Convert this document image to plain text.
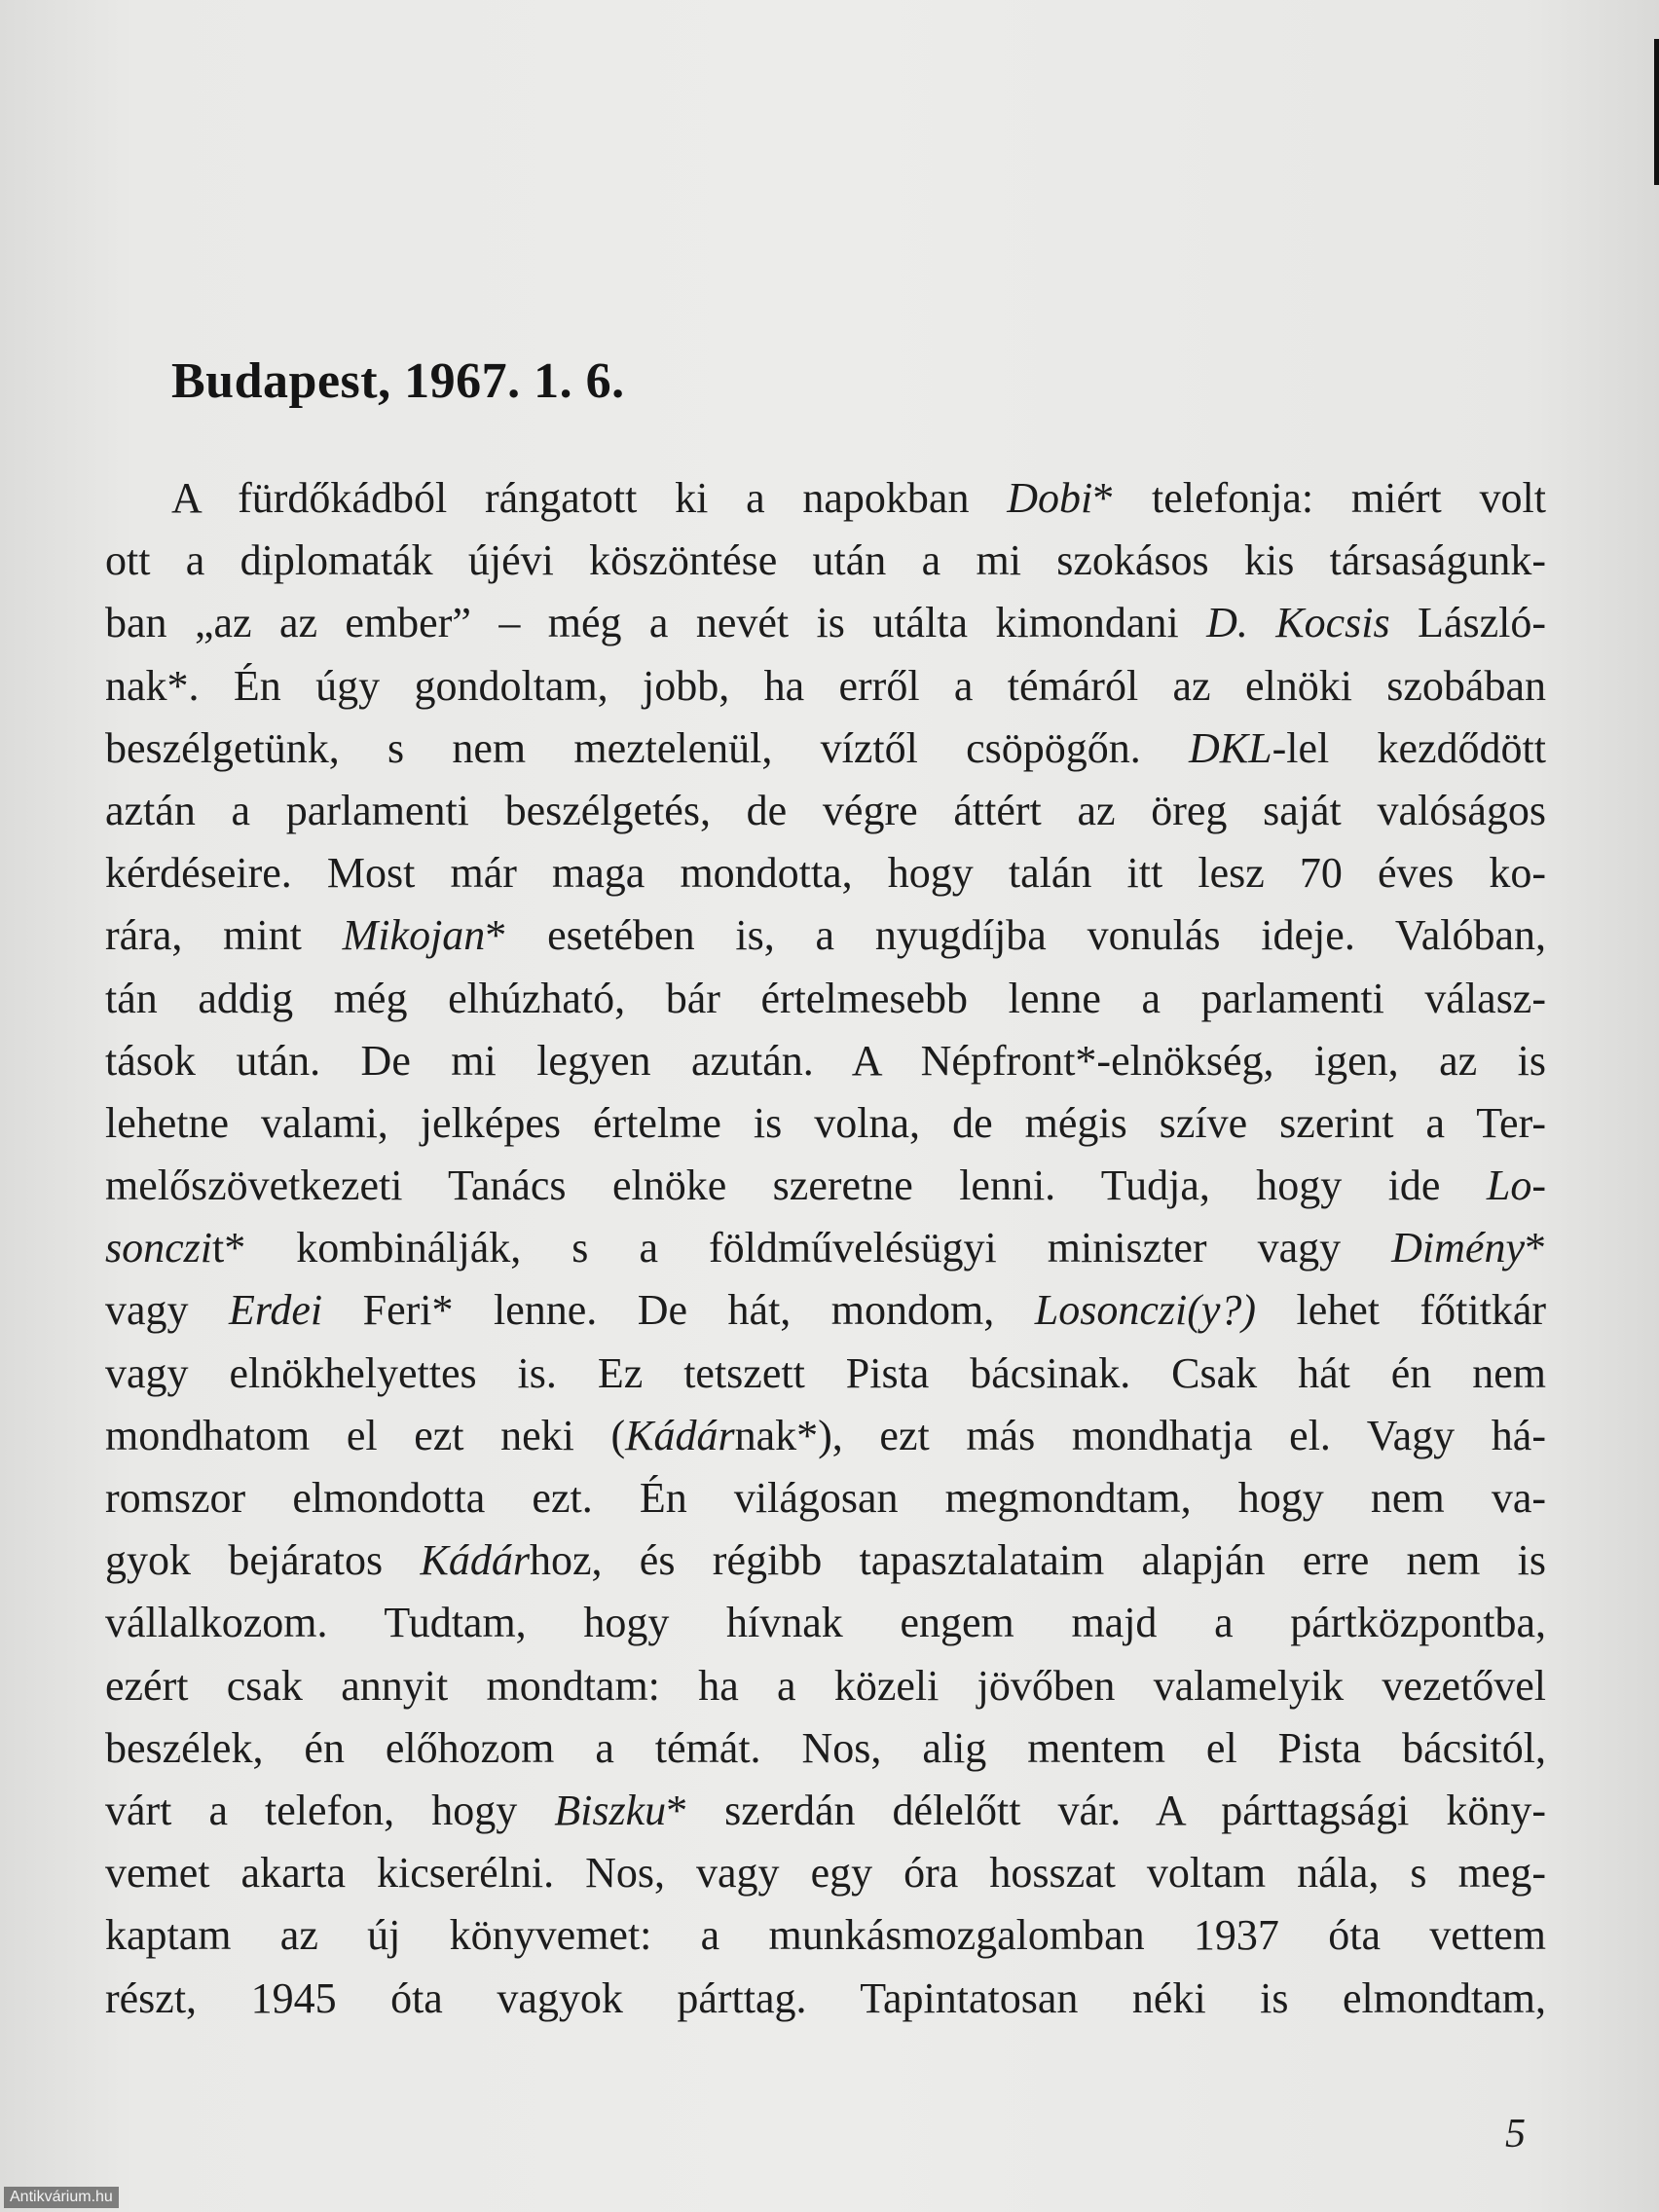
Budapest, 1967. 1. 6.
A fürdőkádból rángatott ki a napokban Dobi* telefonja: miért volt
ott a diplomaták újévi köszöntése után a mi szokásos kis társaságunk-
ban „az az ember” – még a nevét is utálta kimondani D. Kocsis László-
nak*. Én úgy gondoltam, jobb, ha erről a témáról az elnöki szobában
beszélgetünk, s nem meztelenül, víztől csöpögőn. DKL-lel kezdődött
aztán a parlamenti beszélgetés, de végre áttért az öreg saját valóságos
kérdéseire. Most már maga mondotta, hogy talán itt lesz 70 éves ko-
rára, mint Mikojan* esetében is, a nyugdíjba vonulás ideje. Valóban,
tán addig még elhúzható, bár értelmesebb lenne a parlamenti válasz-
tások után. De mi legyen azután. A Népfront*-elnökség, igen, az is
lehetne valami, jelképes értelme is volna, de mégis szíve szerint a Ter-
melőszövetkezeti Tanács elnöke szeretne lenni. Tudja, hogy ide Lo-
sonczit* kombinálják, s a földművelésügyi miniszter vagy Dimény*
vagy Erdei Feri* lenne. De hát, mondom, Losonczi(y?) lehet főtitkár
vagy elnökhelyettes is. Ez tetszett Pista bácsinak. Csak hát én nem
mondhatom el ezt neki (Kádárnak*), ezt más mondhatja el. Vagy há-
romszor elmondotta ezt. Én világosan megmondtam, hogy nem va-
gyok bejáratos Kádárhoz, és régibb tapasztalataim alapján erre nem is
vállalkozom. Tudtam, hogy hívnak engem majd a pártközpontba,
ezért csak annyit mondtam: ha a közeli jövőben valamelyik vezetővel
beszélek, én előhozom a témát. Nos, alig mentem el Pista bácsitól,
várt a telefon, hogy Biszku* szerdán délelőtt vár. A párttagsági köny-
vemet akarta kicserélni. Nos, vagy egy óra hosszat voltam nála, s meg-
kaptam az új könyvemet: a munkásmozgalomban 1937 óta vettem
részt, 1945 óta vagyok párttag. Tapintatosan néki is elmondtam,
5
Antikvárium.hu
